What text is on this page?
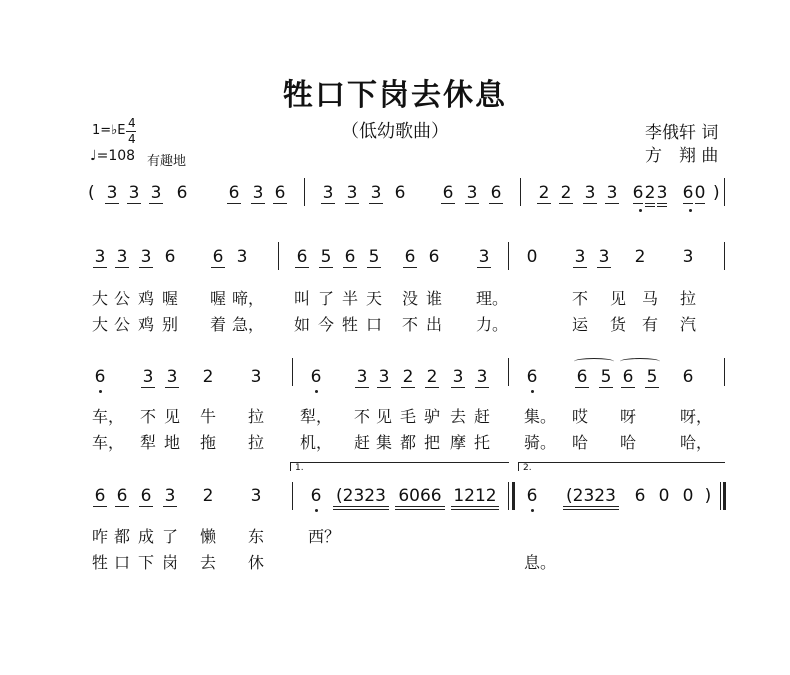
牲口下岗去休息
（低幼歌曲）	李俄轩 词
方　翔 曲
1=♭E 4
4
♩=108 有趣地
(	)
1.	2.
3 3 3 6 6 3 6 3 3 3 6 6 3 6 2 2 3 3 6 2 3 6 0
3 3 3 6 6 3	6 5 6 5 6 6 3 0 3 3 2 3
6 3 3 2 3	6 3 3 2 2 3 3 6 6 5 6 5 6
6 6 6 3 2 3	6 (2323 6066 1212 6 (2323 6 0 0 )
大 公 鸡 喔 喔 啼， 叫 了 半 天 没 谁 理。	不 见 马 拉
大 公 鸡 别 着 急， 如 今 牲 口 不 出 力。	运 货 有 汽
车， 不 见 牛 拉 犁， 不 见 毛 驴 去 赶 集。 哎 呀	呀，
车， 犁 地 拖 拉 机， 赶 集 都 把 摩 托 骑。 哈 哈	哈，
咋 都 成 了 懒 东	西？
牲 口 下 岗 去 休	息。
